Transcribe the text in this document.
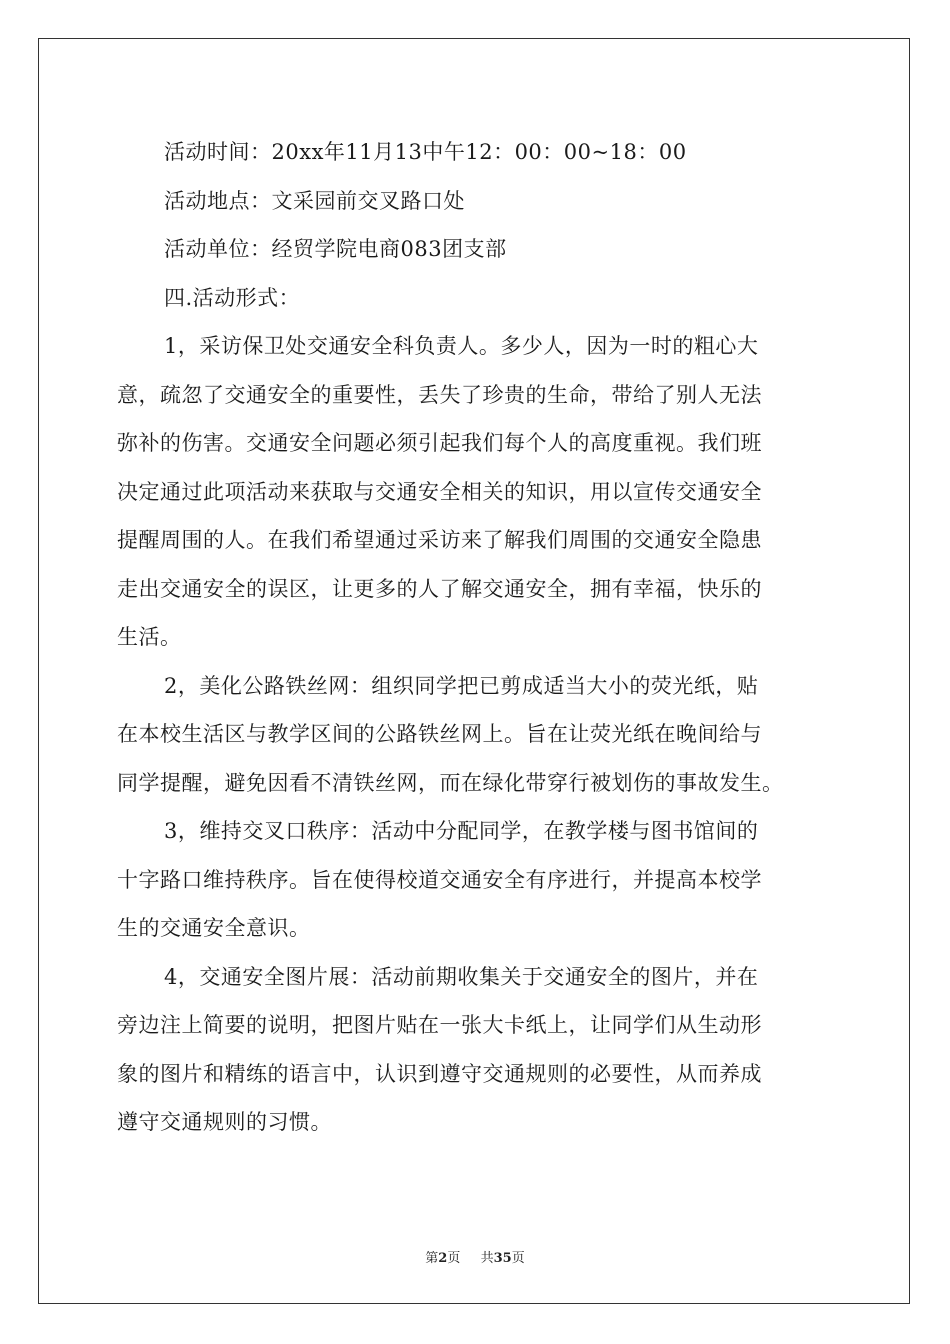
活动时间：20xx年11月13中午12：00：00~18：00
活动地点：文采园前交叉路口处
活动单位：经贸学院电商083团支部
四.活动形式：
1，采访保卫处交通安全科负责人。多少人，因为一时的粗心大
意，疏忽了交通安全的重要性，丢失了珍贵的生命，带给了别人无法
弥补的伤害。交通安全问题必须引起我们每个人的高度重视。我们班
决定通过此项活动来获取与交通安全相关的知识，用以宣传交通安全
提醒周围的人。在我们希望通过采访来了解我们周围的交通安全隐患
走出交通安全的误区，让更多的人了解交通安全，拥有幸福，快乐的
生活。
2，美化公路铁丝网：组织同学把已剪成适当大小的荧光纸，贴
在本校生活区与教学区间的公路铁丝网上。旨在让荧光纸在晚间给与
同学提醒，避免因看不清铁丝网，而在绿化带穿行被划伤的事故发生。
3，维持交叉口秩序：活动中分配同学，在教学楼与图书馆间的
十字路口维持秩序。旨在使得校道交通安全有序进行，并提高本校学
生的交通安全意识。
4，交通安全图片展：活动前期收集关于交通安全的图片，并在
旁边注上简要的说明，把图片贴在一张大卡纸上，让同学们从生动形
象的图片和精练的语言中，认识到遵守交通规则的必要性，从而养成
遵守交通规则的习惯。
第2页 共35页
